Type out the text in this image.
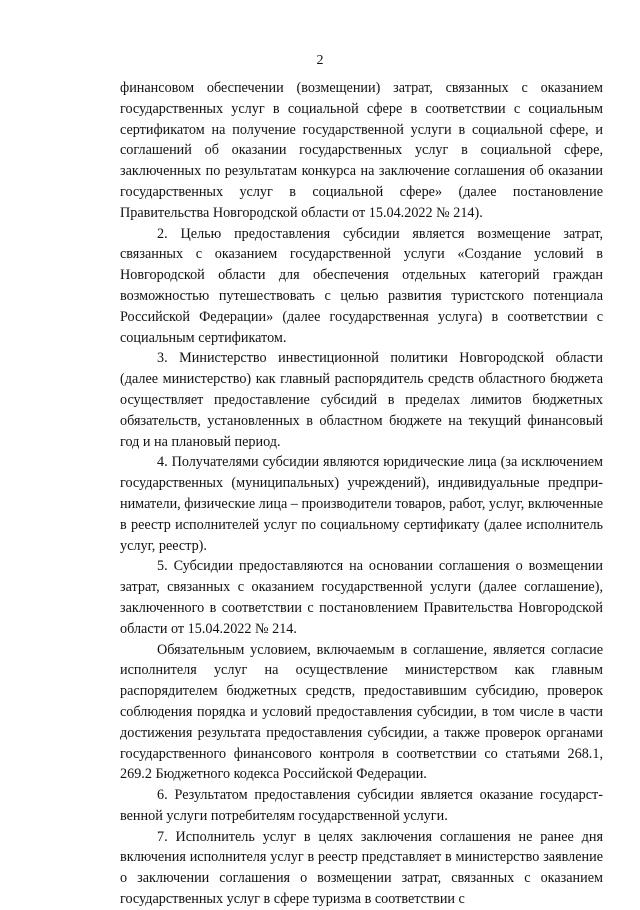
2

финансовом обеспечении (возмещении) затрат, связанных с оказанием государственных услуг в социальной сфере в соответствии с социальным сертификатом на получение государственной услуги в социальной сфере, и соглашений об оказании государственных услуг в социальной сфере, заключенных по результатам конкурса на заключение соглашения об оказании государственных услуг в социальной сфере» (далее постановление Правительства Новгородской области от 15.04.2022 № 214).

2. Целью предоставления субсидии является возмещение затрат, связанных с оказанием государственной услуги «Создание условий в Новгородской области для обеспечения отдельных категорий граждан возможностью путешествовать с целью развития туристского потенциала Российской Федерации» (далее государственная услуга) в соответствии с социальным сертификатом.

3. Министерство инвестиционной политики Новгородской области (далее министерство) как главный распорядитель средств областного бюджета осуществляет предоставление субсидий в пределах лимитов бюджетных обязательств, установленных в областном бюджете на текущий финансовый год и на плановый период.

4. Получателями субсидии являются юридические лица (за исключением государственных (муниципальных) учреждений), индивидуальные предприниматели, физические лица – производители товаров, работ, услуг, включенные в реестр исполнителей услуг по социальному сертификату (далее исполнитель услуг, реестр).

5. Субсидии предоставляются на основании соглашения о возмещении затрат, связанных с оказанием государственной услуги (далее соглашение), заключенного в соответствии с постановлением Правительства Новгородской области от 15.04.2022 № 214.

Обязательным условием, включаемым в соглашение, является согласие исполнителя услуг на осуществление министерством как главным распорядителем бюджетных средств, предоставившим субсидию, проверок соблюдения порядка и условий предоставления субсидии, в том числе в части достижения результата предоставления субсидии, а также проверок органами государственного финансового контроля в соответствии со статьями 268.1, 269.2 Бюджетного кодекса Российской Федерации.

6. Результатом предоставления субсидии является оказание государственной услуги потребителям государственной услуги.

7. Исполнитель услуг в целях заключения соглашения не ранее дня включения исполнителя услуг в реестр представляет в министерство заявление о заключении соглашения о возмещении затрат, связанных с оказанием государственных услуг в сфере туризма в соответствии с
